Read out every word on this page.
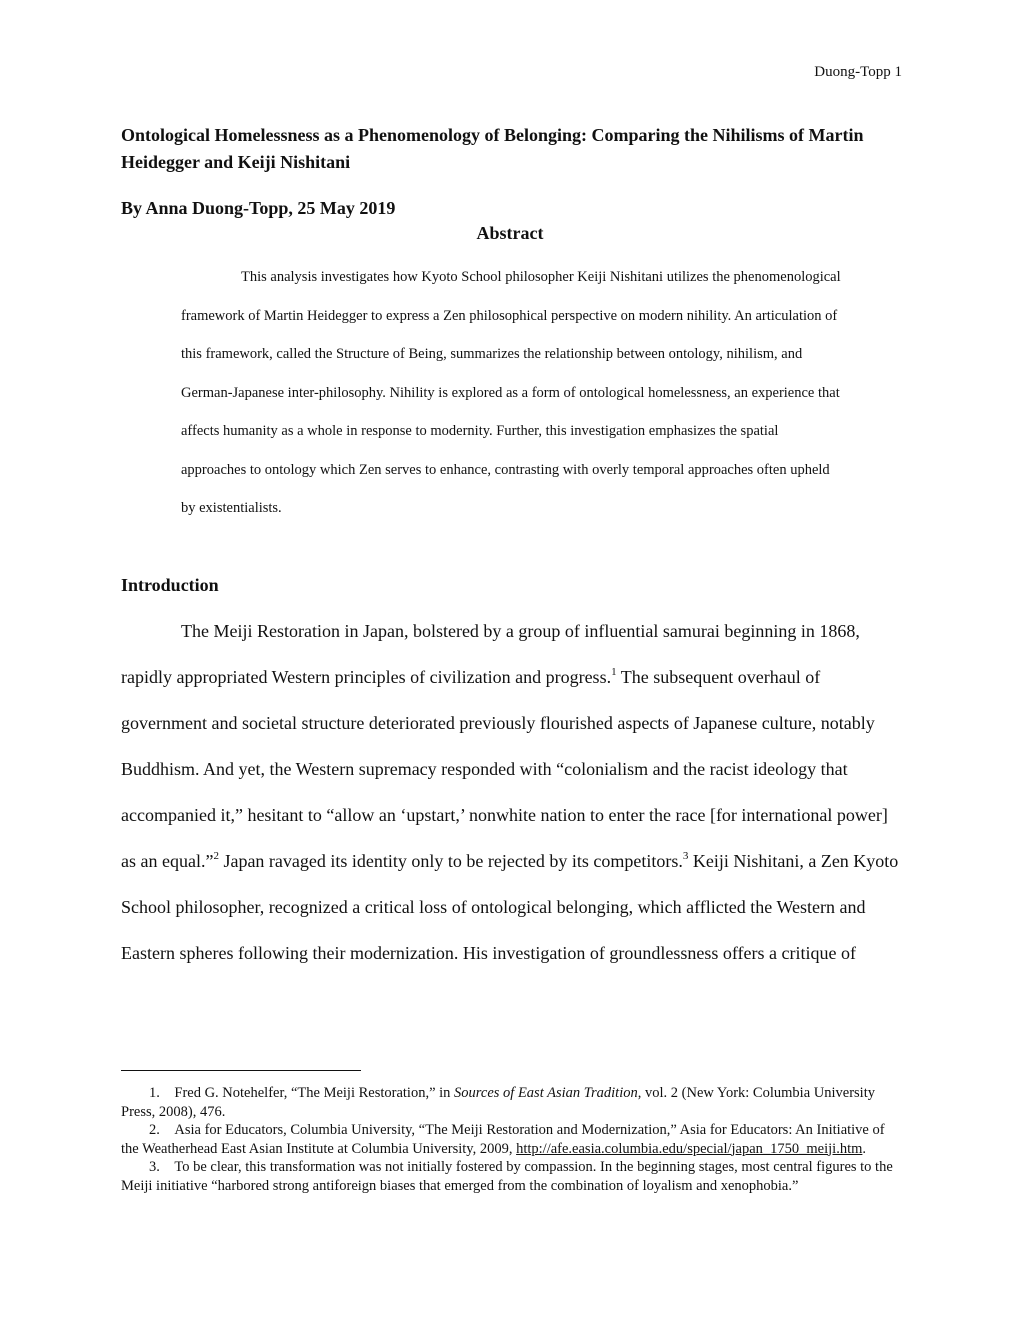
Duong-Topp 1
Ontological Homelessness as a Phenomenology of Belonging: Comparing the Nihilisms of Martin Heidegger and Keiji Nishitani
By Anna Duong-Topp, 25 May 2019
Abstract

This analysis investigates how Kyoto School philosopher Keiji Nishitani utilizes the phenomenological framework of Martin Heidegger to express a Zen philosophical perspective on modern nihility. An articulation of this framework, called the Structure of Being, summarizes the relationship between ontology, nihilism, and German-Japanese inter-philosophy. Nihility is explored as a form of ontological homelessness, an experience that affects humanity as a whole in response to modernity. Further, this investigation emphasizes the spatial approaches to ontology which Zen serves to enhance, contrasting with overly temporal approaches often upheld by existentialists.

Introduction

The Meiji Restoration in Japan, bolstered by a group of influential samurai beginning in 1868, rapidly appropriated Western principles of civilization and progress.$^1$ The subsequent overhaul of government and societal structure deteriorated previously flourished aspects of Japanese culture, notably Buddhism. And yet, the Western supremacy responded with “colonialism and the racist ideology that accompanied it,” hesitant to “allow an ‘upstart,’ nonwhite nation to enter the race [for international power] as an equal.”$^2$ Japan ravaged its identity only to be rejected by its competitors.$^3$ Keiji Nishitani, a Zen Kyoto School philosopher, recognized a critical loss of ontological belonging, which afflicted the Western and Eastern spheres following their modernization. His investigation of groundlessness offers a critique of

1. Fred G. Notehelfer, “The Meiji Restoration,” in Sources of East Asian Tradition, vol. 2 (New York: Columbia University Press, 2008), 476.

2. Asia for Educators, Columbia University, “The Meiji Restoration and Modernization,” Asia for Educators: An Initiative of the Weatherhead East Asian Institute at Columbia University, 2009, http://afe.easia.columbia.edu/special/japan_1750_meiji.htm.

3. To be clear, this transformation was not initially fostered by compassion. In the beginning stages, most central figures to the Meiji initiative “harbored strong antiforeign biases that emerged from the combination of loyalism and xenophobia.”
